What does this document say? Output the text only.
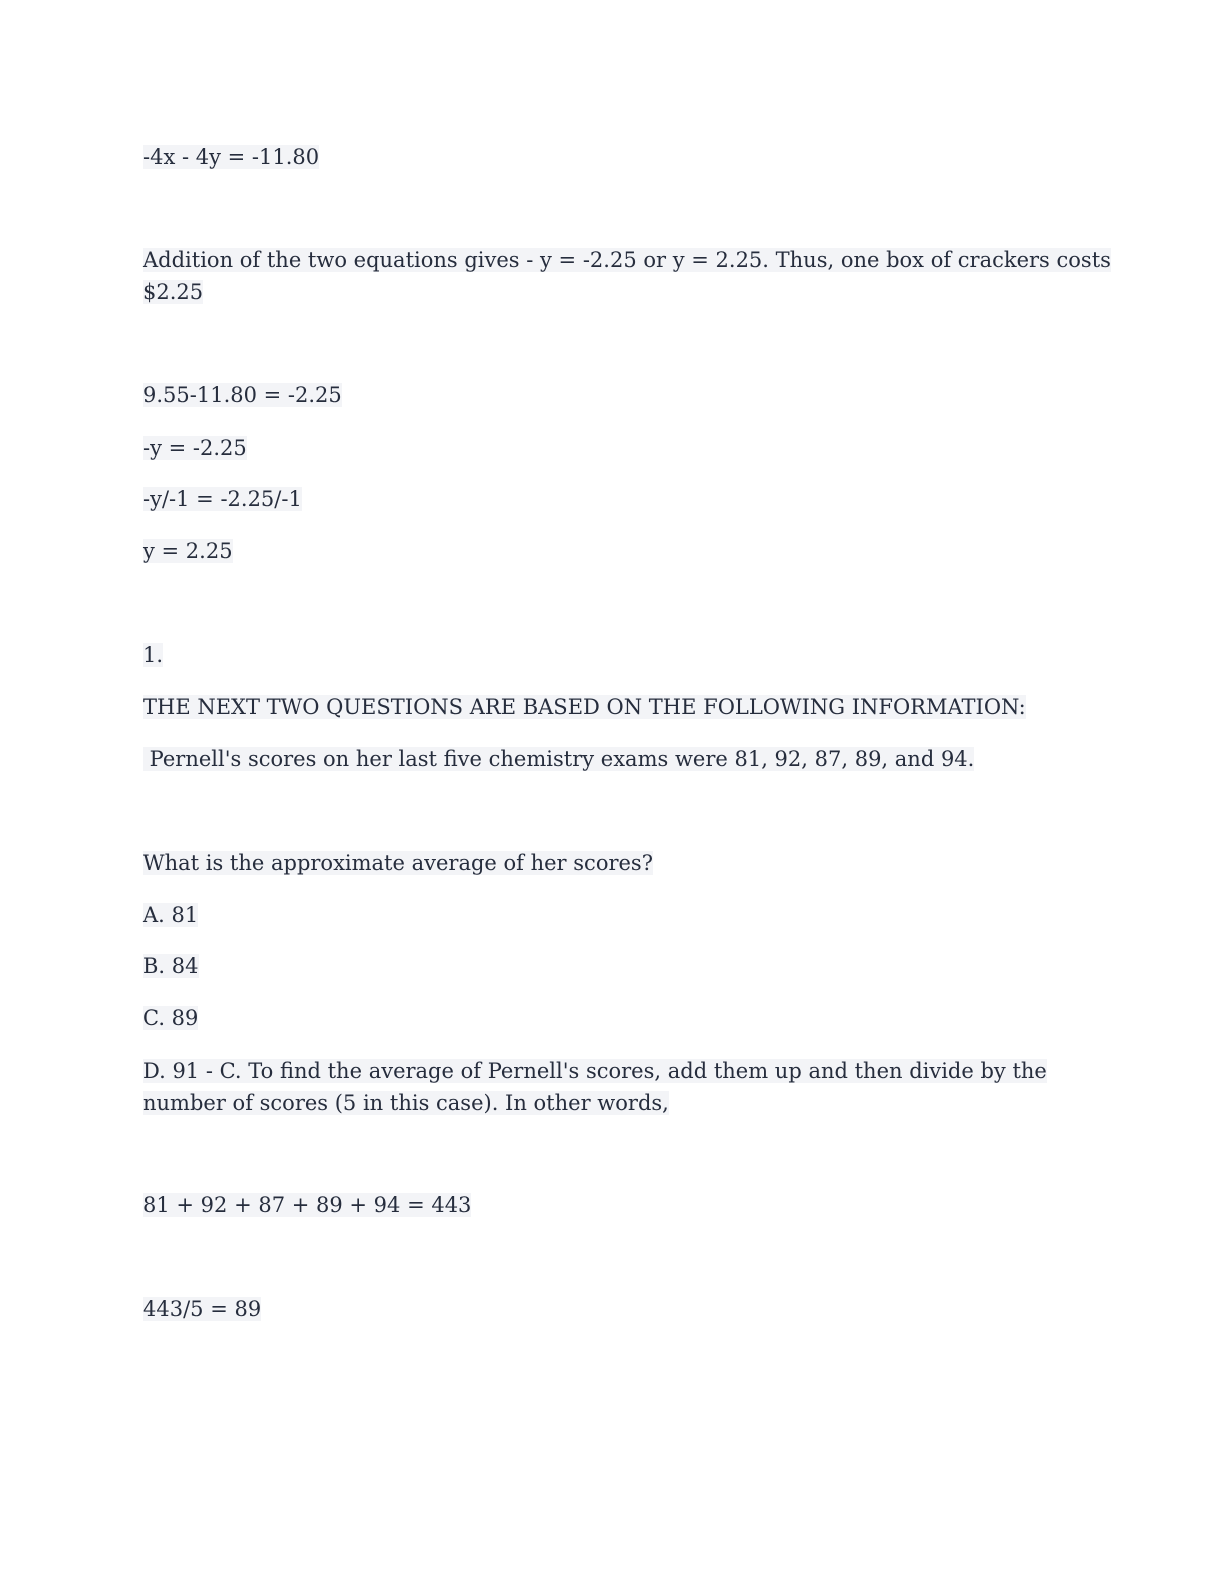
-4x - 4y = -11.80

Addition of the two equations gives - y = -2.25 or y = 2.25. Thus, one box of crackers costs

$2.25

9.55-11.80 = -2.25

-y = -2.25

-y/-1 = -2.25/-1

y = 2.25

1.

THE NEXT TWO QUESTIONS ARE BASED ON THE FOLLOWING INFORMATION:

Pernell's scores on her last five chemistry exams were 81, 92, 87, 89, and 94.

What is the approximate average of her scores?

A. 81

B. 84

C. 89

D. 91 - C. To find the average of Pernell's scores, add them up and then divide by the

number of scores (5 in this case). In other words,

81 + 92 + 87 + 89 + 94 = 443

443/5 = 89
